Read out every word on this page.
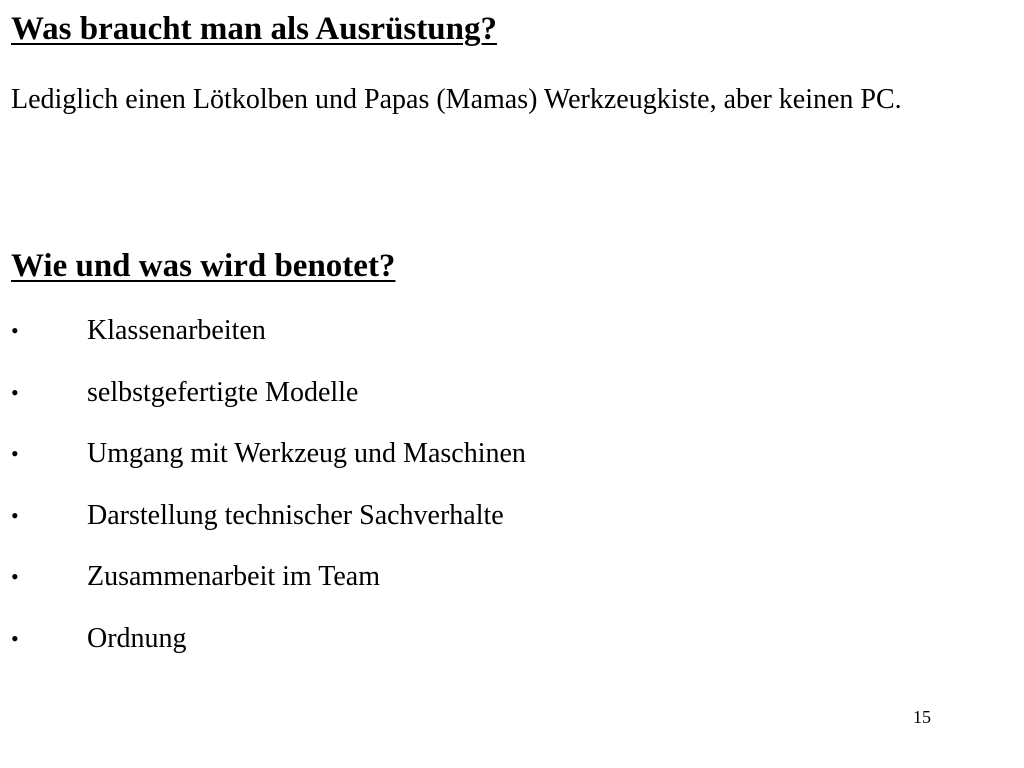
Was braucht man als Ausrüstung?

Lediglich einen Lötkolben und Papas (Mamas) Werkzeugkiste, aber keinen PC.

Wie und was wird benotet?
•	Klassenarbeiten
•	selbstgefertigte Modelle
•	Umgang mit Werkzeug und Maschinen
•	Darstellung technischer Sachverhalte
•	Zusammenarbeit im Team
•	Ordnung
15
